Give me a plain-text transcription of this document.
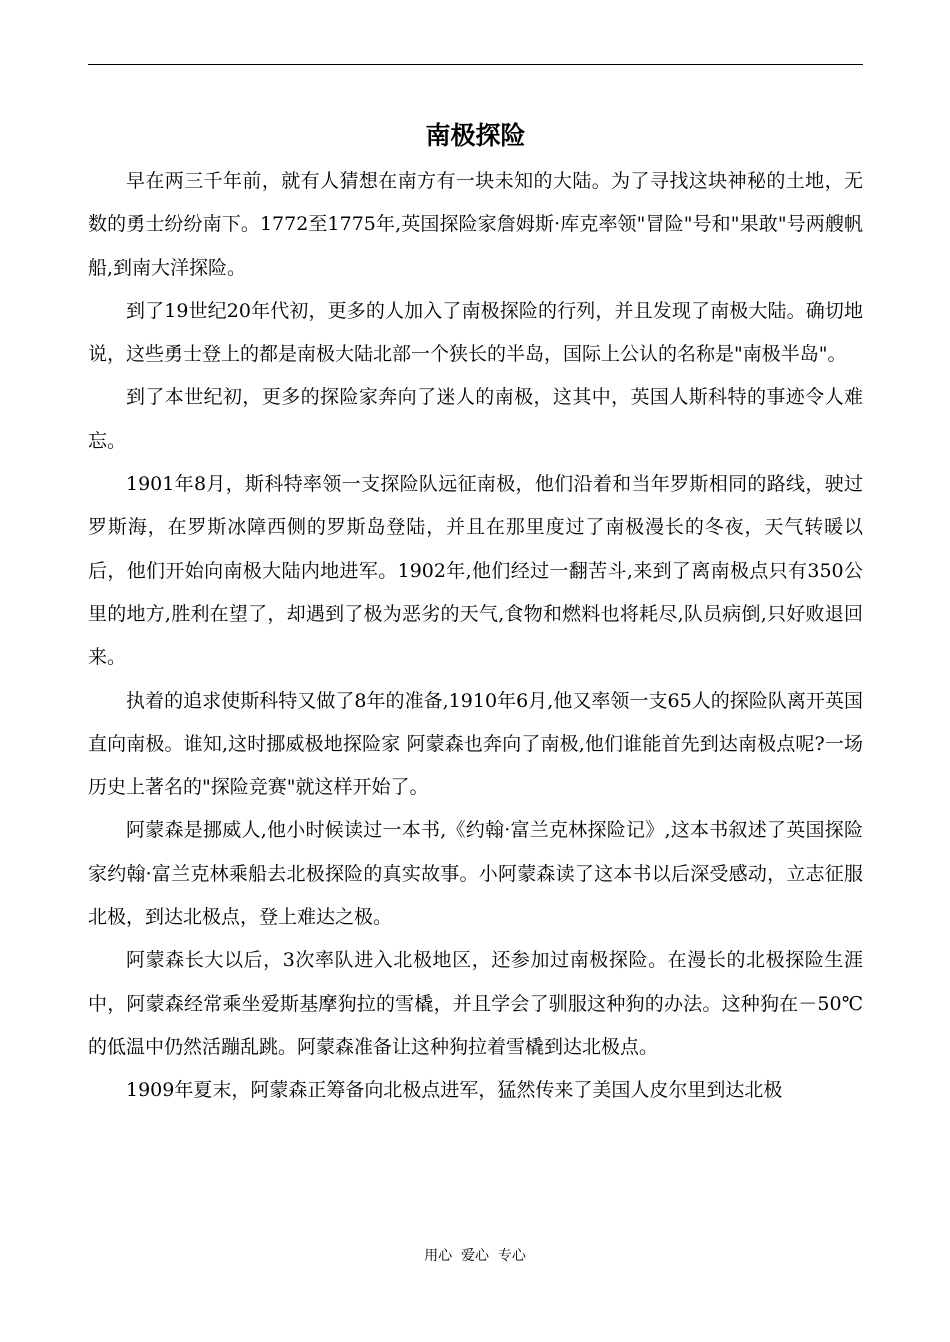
南极探险

早在两三千年前，就有人猜想在南方有一块未知的大陆。为了寻找这块神秘的土地，无数的勇士纷纷南下。1772至1775年,英国探险家詹姆斯·库克率领"冒险"号和"果敢"号两艘帆船,到南大洋探险。

到了19世纪20年代初，更多的人加入了南极探险的行列，并且发现了南极大陆。确切地说，这些勇士登上的都是南极大陆北部一个狭长的半岛，国际上公认的名称是"南极半岛"。

到了本世纪初，更多的探险家奔向了迷人的南极，这其中，英国人斯科特的事迹令人难忘。

1901年8月，斯科特率领一支探险队远征南极，他们沿着和当年罗斯相同的路线，驶过罗斯海，在罗斯冰障西侧的罗斯岛登陆，并且在那里度过了南极漫长的冬夜，天气转暖以后，他们开始向南极大陆内地进军。1902年,他们经过一翻苦斗,来到了离南极点只有350公里的地方,胜利在望了，却遇到了极为恶劣的天气,食物和燃料也将耗尽,队员病倒,只好败退回来。

执着的追求使斯科特又做了8年的准备,1910年6月,他又率领一支65人的探险队离开英国直向南极。谁知,这时挪威极地探险家 阿蒙森也奔向了南极,他们谁能首先到达南极点呢?一场历史上著名的"探险竞赛"就这样开始了。

阿蒙森是挪威人,他小时候读过一本书,《约翰·富兰克林探险记》,这本书叙述了英国探险家约翰·富兰克林乘船去北极探险的真实故事。小阿蒙森读了这本书以后深受感动，立志征服北极，到达北极点，登上难达之极。

阿蒙森长大以后，3次率队进入北极地区，还参加过南极探险。在漫长的北极探险生涯中，阿蒙森经常乘坐爱斯基摩狗拉的雪橇，并且学会了驯服这种狗的办法。这种狗在－50℃的低温中仍然活蹦乱跳。阿蒙森准备让这种狗拉着雪橇到达北极点。

1909年夏末，阿蒙森正筹备向北极点进军，猛然传来了美国人皮尔里到达北极

用心  爱心  专心
